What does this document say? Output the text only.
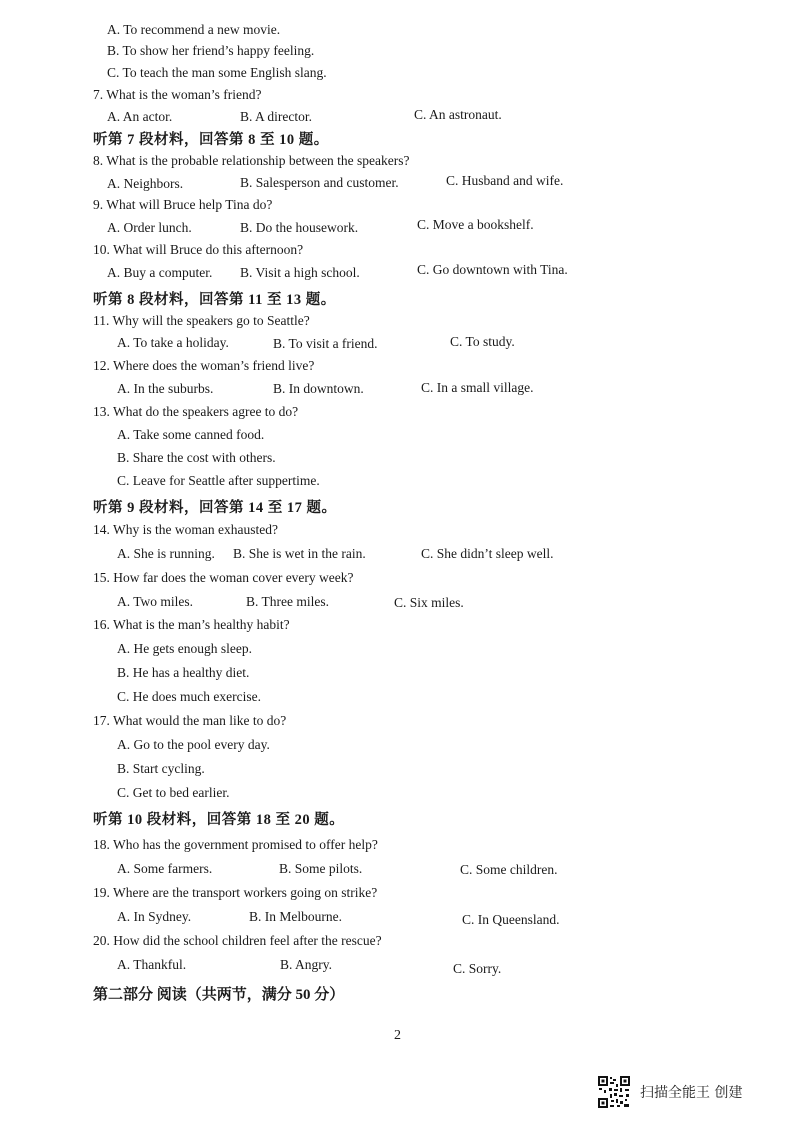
A. To recommend a new movie.
B. To show her friend’s happy feeling.
C. To teach the man some English slang.
7. What is the woman’s friend?
A. An actor.	B. A director.	C. An astronaut.
听第 7 段材料，回答第 8 至 10 题。
8. What is the probable relationship between the speakers?
A. Neighbors.	B. Salesperson and customer.	C. Husband and wife.
9. What will Bruce help Tina do?
A. Order lunch.	B. Do the housework.	C. Move a bookshelf.
10. What will Bruce do this afternoon?
A. Buy a computer. B. Visit a high school.	C. Go downtown with Tina.
听第 8 段材料，回答第 11 至 13 题。
11. Why will the speakers go to Seattle?
A. To take a holiday.	B. To visit a friend.	C. To study.
12. Where does the woman’s friend live?
A. In the suburbs.	B. In downtown.	C. In a small village.
13. What do the speakers agree to do?
A. Take some canned food.
B. Share the cost with others.
C. Leave for Seattle after suppertime.
听第 9 段材料，回答第 14 至 17 题。
14. Why is the woman exhausted?
A. She is running. B. She is wet in the rain.	C. She didn’t sleep well.
15. How far does the woman cover every week?
A. Two miles.	B. Three miles.	C. Six miles.
16. What is the man’s healthy habit?
A. He gets enough sleep.
B. He has a healthy diet.
C. He does much exercise.
17. What would the man like to do?
A. Go to the pool every day.
B. Start cycling.
C. Get to bed earlier.
听第 10 段材料，回答第 18 至 20 题。
18. Who has the government promised to offer help?
A. Some farmers.	B. Some pilots.	C. Some children.
19. Where are the transport workers going on strike?
A. In Sydney.	B. In Melbourne.	C. In Queensland.
20. How did the school children feel after the rescue?
A. Thankful.	B. Angry.	C. Sorry.
第二部分 阅读（共两节，满分 50 分）
2
扫描全能王 创建
